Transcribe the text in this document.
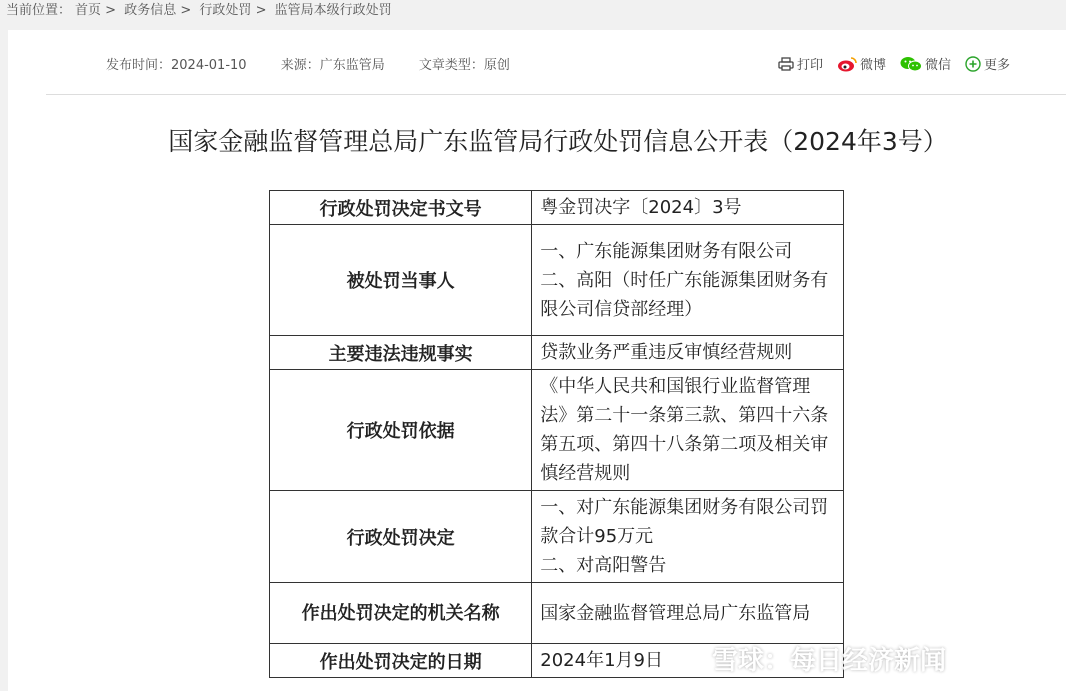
当前位置： 首页 > 政务信息 > 行政处罚 > 监管局本级行政处罚
发布时间：2024-01-10	来源：广东监管局	文章类型：原创	打印	微博	微信	更多
国家金融监督管理总局广东监管局行政处罚信息公开表（2024年3号）
行政处罚决定书文号	粤金罚决字〔2024〕3号
被处罚当事人	一、广东能源集团财务有限公司
二、高阳（时任广东能源集团财务有限公司信贷部经理）

主要违法违规事实	贷款业务严重违反审慎经营规则
行政处罚依据	《中华人民共和国银行业监督管理法》第二十一条第三款、第四十六条第五项、第四十八条第二项及相关审慎经营规则
行政处罚决定	一、对广东能源集团财务有限公司罚款合计95万元
二、对高阳警告

作出处罚决定的机关名称	国家金融监督管理总局广东监管局
作出处罚决定的日期	2024年1月9日 雪球：每日经济新闻
